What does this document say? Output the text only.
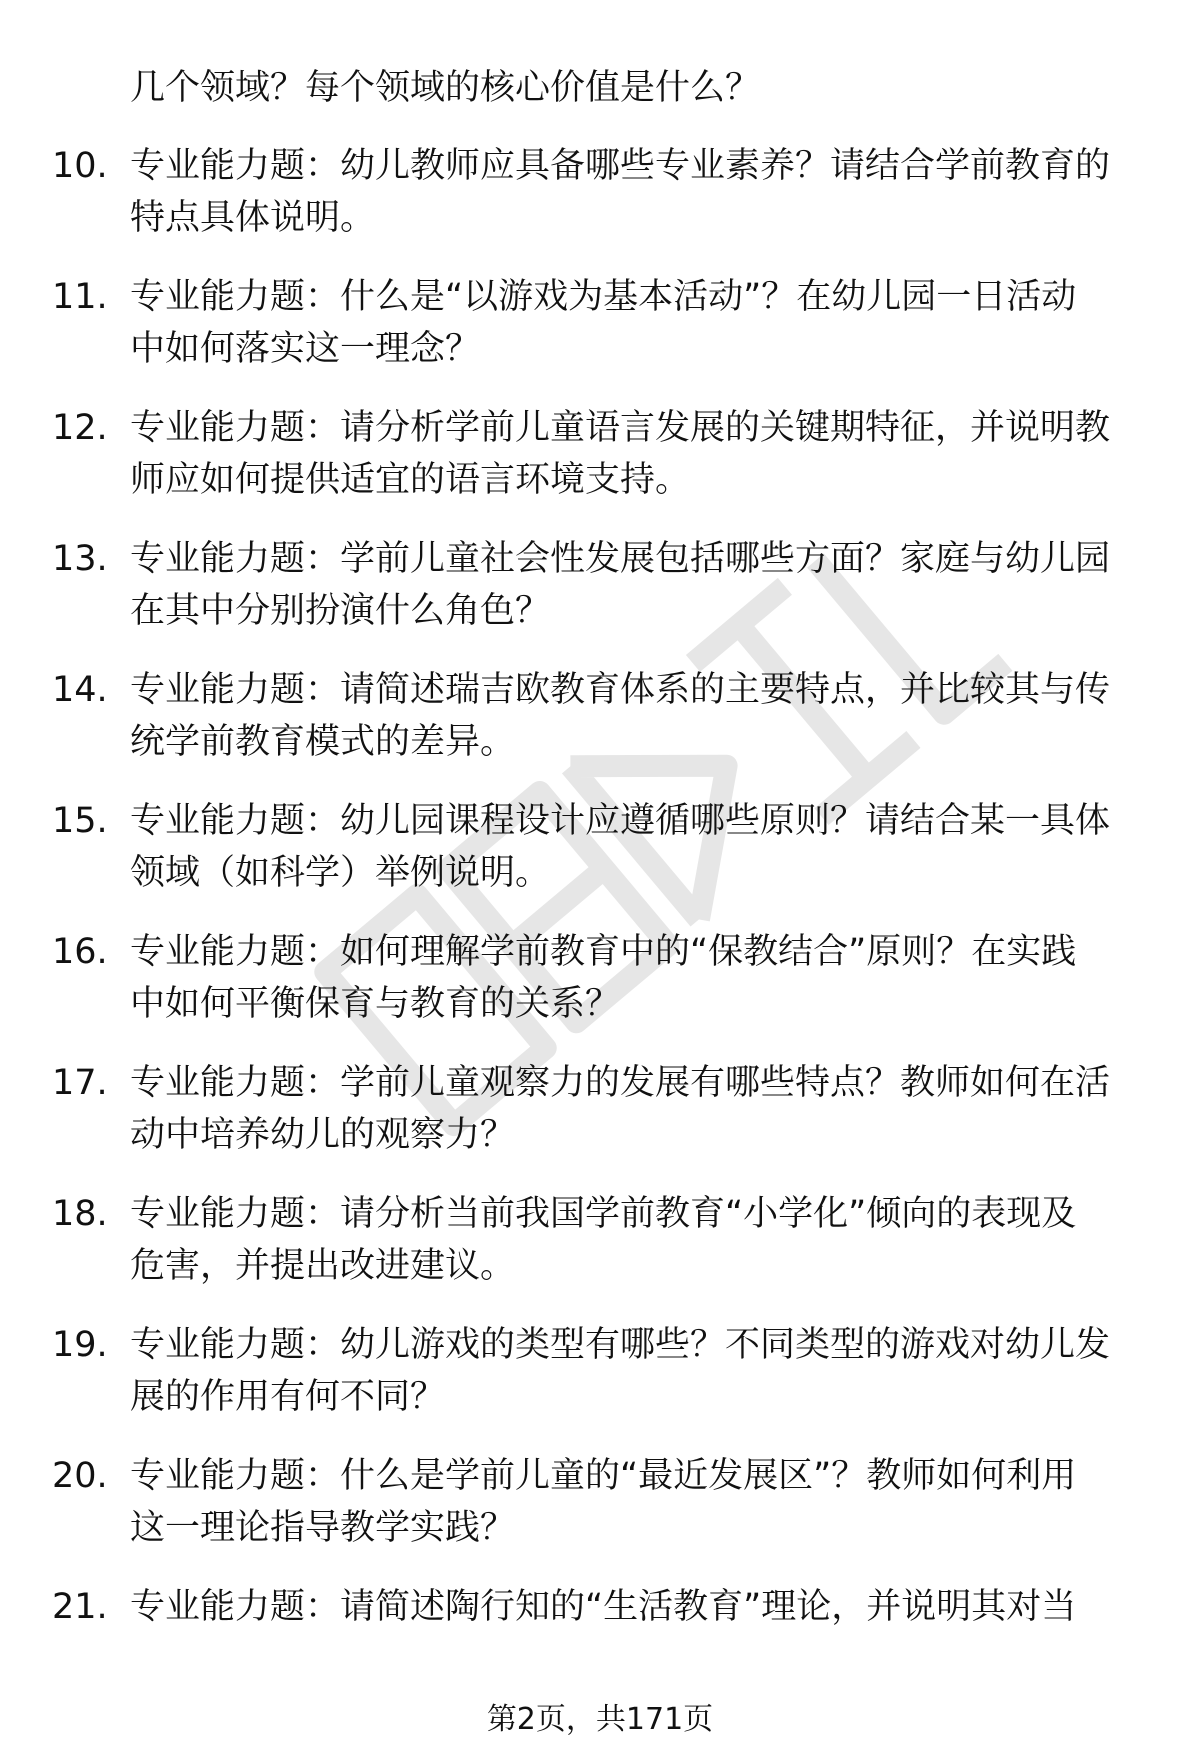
几个领域？每个领域的核心价值是什么？
10. 专业能力题：幼儿教师应具备哪些专业素养？请结合学前教育的
特点具体说明。
11. 专业能力题：什么是“以游戏为基本活动”？在幼儿园一日活动
中如何落实这一理念？
12. 专业能力题：请分析学前儿童语言发展的关键期特征，并说明教
师应如何提供适宜的语言环境支持。
13. 专业能力题：学前儿童社会性发展包括哪些方面？家庭与幼儿园
在其中分别扮演什么角色？
14. 专业能力题：请简述瑞吉欧教育体系的主要特点，并比较其与传
统学前教育模式的差异。
15. 专业能力题：幼儿园课程设计应遵循哪些原则？请结合某一具体
领域（如科学）举例说明。
16. 专业能力题：如何理解学前教育中的“保教结合”原则？在实践
中如何平衡保育与教育的关系？
17. 专业能力题：学前儿童观察力的发展有哪些特点？教师如何在活
动中培养幼儿的观察力？
18. 专业能力题：请分析当前我国学前教育“小学化”倾向的表现及
危害，并提出改进建议。
19. 专业能力题：幼儿游戏的类型有哪些？不同类型的游戏对幼儿发
展的作用有何不同？
20. 专业能力题：什么是学前儿童的“最近发展区”？教师如何利用
这一理论指导教学实践？
21. 专业能力题：请简述陶行知的“生活教育”理论，并说明其对当
第2页，共171页
